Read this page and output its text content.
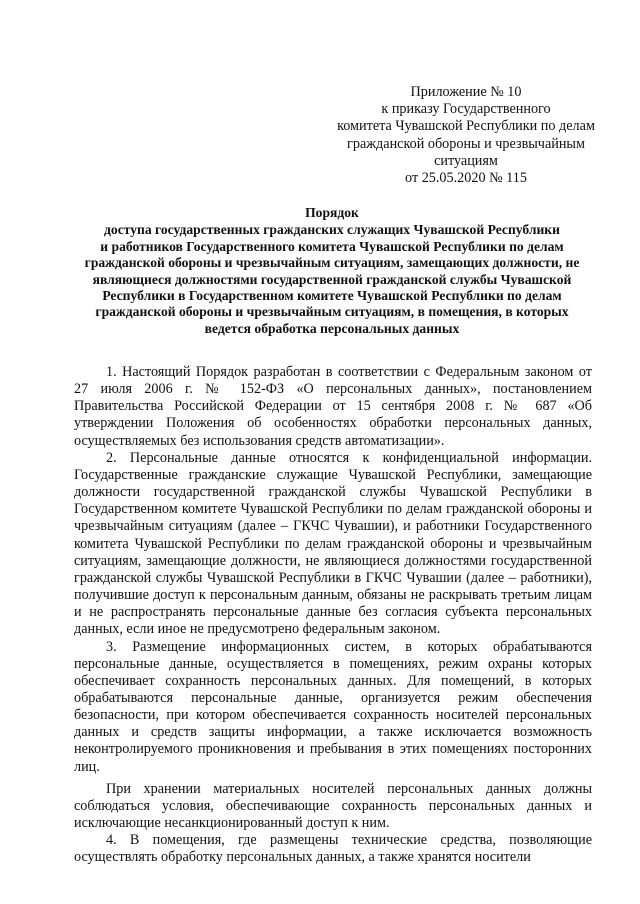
Приложение № 10
к приказу Государственного
комитета Чувашской Республики по делам
гражданской обороны и чрезвычайным
ситуациям
от 25.05.2020 № 115
Порядок
доступа государственных гражданских служащих Чувашской Республики
и работников Государственного комитета Чувашской Республики по делам
гражданской обороны и чрезвычайным ситуациям, замещающих должности, не
являющиеся должностями государственной гражданской службы Чувашской
Республики в Государственном комитете Чувашской Республики по делам
гражданской обороны и чрезвычайным ситуациям, в помещения, в которых
ведется обработка персональных данных

1. Настоящий Порядок разработан в соответствии с Федеральным законом от 27 июля 2006 г. № 152-ФЗ «О персональных данных», постановлением Правительства Российской Федерации от 15 сентября 2008 г. № 687 «Об утверждении Положения об особенностях обработки персональных данных, осуществляемых без использования средств автоматизации».

2. Персональные данные относятся к конфиденциальной информации. Государственные гражданские служащие Чувашской Республики, замещающие должности государственной гражданской службы Чувашской Республики в Государственном комитете Чувашской Республики по делам гражданской обороны и чрезвычайным ситуациям (далее – ГКЧС Чувашии), и работники Государственного комитета Чувашской Республики по делам гражданской обороны и чрезвычайным ситуациям, замещающие должности, не являющиеся должностями государственной гражданской службы Чувашской Республики в ГКЧС Чувашии (далее – работники), получившие доступ к персональным данным, обязаны не раскрывать третьим лицам и не распространять персональные данные без согласия субъекта персональных данных, если иное не предусмотрено федеральным законом.

3. Размещение информационных систем, в которых обрабатываются персональные данные, осуществляется в помещениях, режим охраны которых обеспечивает сохранность персональных данных. Для помещений, в которых обрабатываются персональные данные, организуется режим обеспечения безопасности, при котором обеспечивается сохранность носителей персональных данных и средств защиты информации, а также исключается возможность неконтролируемого проникновения и пребывания в этих помещениях посторонних лиц.

При хранении материальных носителей персональных данных должны соблюдаться условия, обеспечивающие сохранность персональных данных и исключающие несанкционированный доступ к ним.

4. В помещения, где размещены технические средства, позволяющие осуществлять обработку персональных данных, а также хранятся носители
